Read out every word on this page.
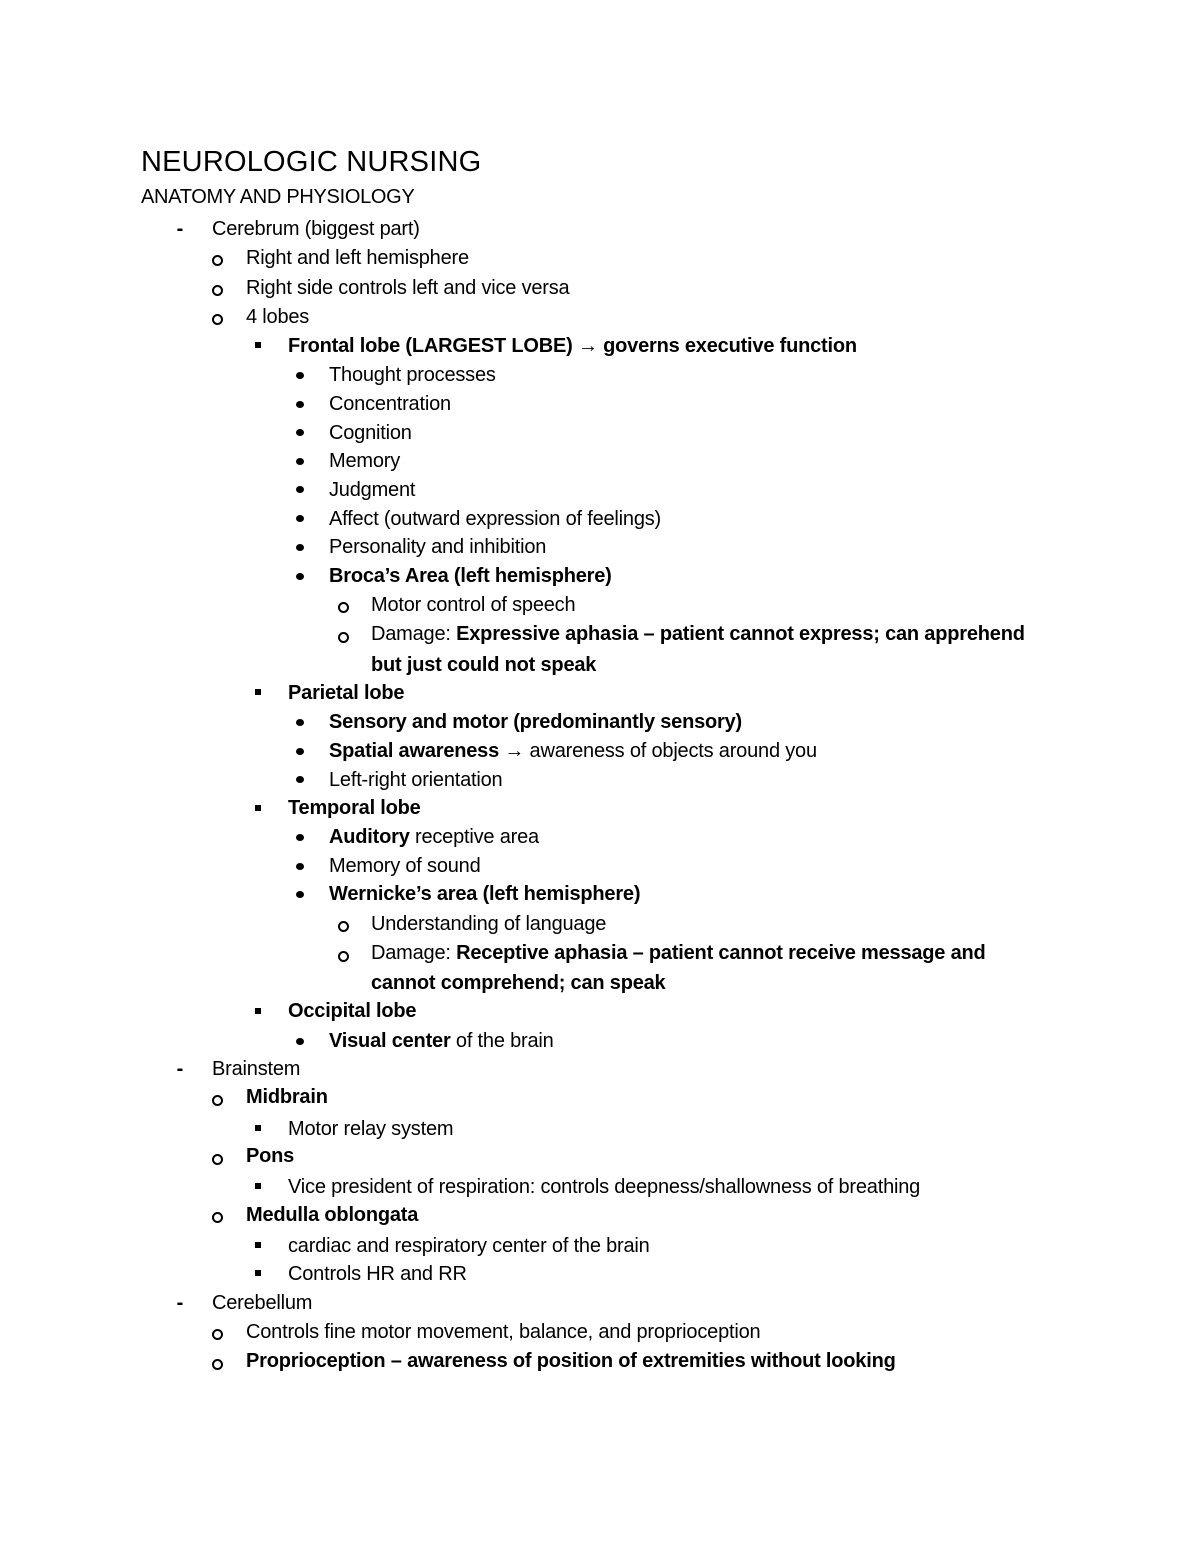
NEUROLOGIC NURSING
ANATOMY AND PHYSIOLOGY
- Cerebrum (biggest part)
Right and left hemisphere
Right side controls left and vice versa
4 lobes
Frontal lobe (LARGEST LOBE) → governs executive function
Thought processes
Concentration
Cognition
Memory
Judgment
Affect (outward expression of feelings)
Personality and inhibition
Broca’s Area (left hemisphere)
Motor control of speech
Damage: Expressive aphasia – patient cannot express; can apprehend
but just could not speak
Parietal lobe
Sensory and motor (predominantly sensory)
Spatial awareness → awareness of objects around you
Left-right orientation
Temporal lobe
Auditory receptive area
Memory of sound
Wernicke’s area (left hemisphere)
Understanding of language
Damage: Receptive aphasia – patient cannot receive message and
cannot comprehend; can speak
Occipital lobe
Visual center of the brain
- Brainstem
Midbrain
Motor relay system
Pons
Vice president of respiration: controls deepness/shallowness of breathing
Medulla oblongata
cardiac and respiratory center of the brain
Controls HR and RR
- Cerebellum
Controls fine motor movement, balance, and proprioception
Proprioception – awareness of position of extremities without looking
